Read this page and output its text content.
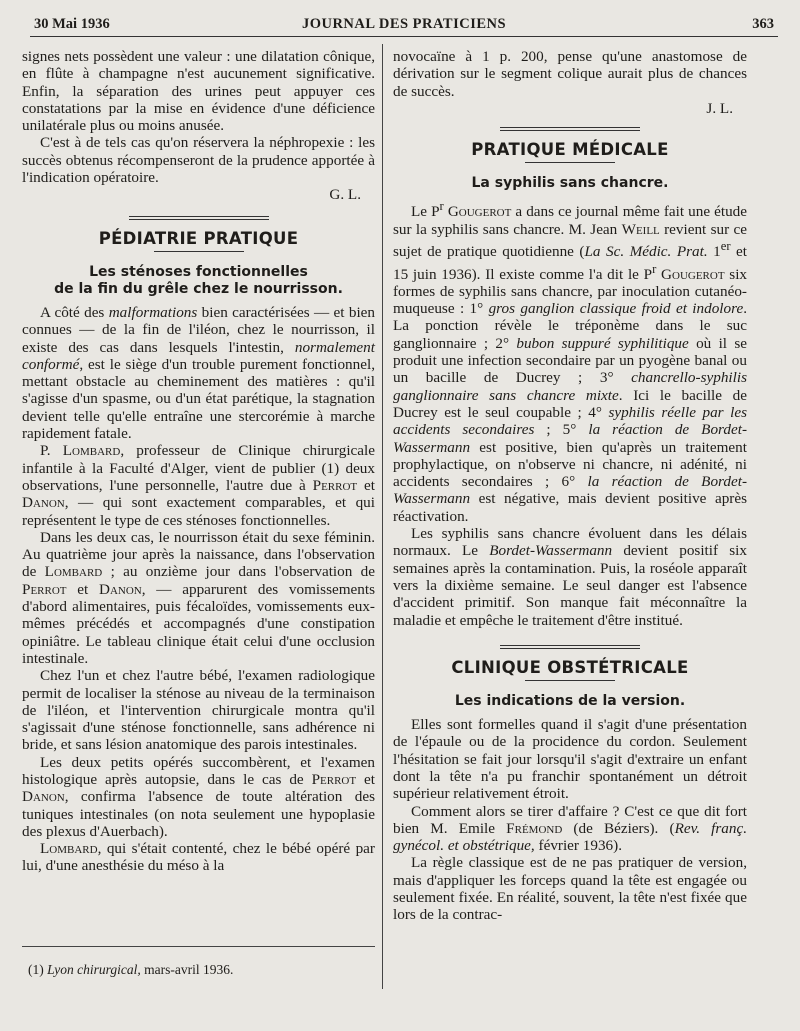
30 Mai 1936	JOURNAL DES PRATICIENS	363

signes nets possèdent une valeur : une dilatation cônique, en flûte à champagne n'est aucunement significative. Enfin, la séparation des urines peut appuyer ces constatations par la mise en évidence d'une déficience unilatérale plus ou moins anusée.

C'est à de tels cas qu'on réservera la néphropexie : les succès obtenus récompenseront de la prudence apportée à l'indication opératoire.

G. L.

PÉDIATRIE PRATIQUE
Les sténoses fonctionnelles
de la fin du grêle chez le nourrisson.

A côté des malformations bien caractérisées — et bien connues — de la fin de l'iléon, chez le nourrisson, il existe des cas dans lesquels l'intestin, normalement conformé, est le siège d'un trouble purement fonctionnel, mettant obstacle au cheminement des matières : qu'il s'agisse d'un spasme, ou d'un état parétique, la stagnation devient telle qu'elle entraîne une stercorémie à marche rapidement fatale.

P. Lombard, professeur de Clinique chirurgicale infantile à la Faculté d'Alger, vient de publier (1) deux observations, l'une personnelle, l'autre due à Perrot et Danon, — qui sont exactement comparables, et qui représentent le type de ces sténoses fonctionnelles.

Dans les deux cas, le nourrisson était du sexe féminin. Au quatrième jour après la naissance, dans l'observation de Lombard ; au onzième jour dans l'observation de Perrot et Danon, — apparurent des vomissements d'abord alimentaires, puis fécaloïdes, vomissements eux-mêmes précédés et accompagnés d'une constipation opiniâtre. Le tableau clinique était celui d'une occlusion intestinale.

Chez l'un et chez l'autre bébé, l'examen radiologique permit de localiser la sténose au niveau de la terminaison de l'iléon, et l'intervention chirurgicale montra qu'il s'agissait d'une sténose fonctionnelle, sans adhérence ni bride, et sans lésion anatomique des parois intestinales.

Les deux petits opérés succombèrent, et l'examen histologique après autopsie, dans le cas de Perrot et Danon, confirma l'absence de toute altération des tuniques intestinales (on nota seulement une hypoplasie des plexus d'Auerbach).

Lombard, qui s'était contenté, chez le bébé opéré par lui, d'une anesthésie du méso à la

(1) Lyon chirurgical, mars-avril 1936.

novocaïne à 1 p. 200, pense qu'une anastomose de dérivation sur le segment colique aurait plus de chances de succès.

J. L.

PRATIQUE MÉDICALE
La syphilis sans chancre.

Le $P^r$ Gougerot a dans ce journal même fait une étude sur la syphilis sans chancre. M. Jean Weill revient sur ce sujet de pratique quotidienne (La Sc. Médic. Prat. 1er et 15 juin 1936). Il existe comme l'a dit le $P^r$ Gougerot six formes de syphilis sans chancre, par inoculation cutanéo-muqueuse : 1° gros ganglion classique froid et indolore. La ponction révèle le tréponème dans le suc ganglionnaire ; 2° bubon suppuré syphilitique où il se produit une infection secondaire par un pyogène banal ou un bacille de Ducrey ; 3° chancrello-syphilis ganglionnaire sans chancre mixte. Ici le bacille de Ducrey est le seul coupable ; 4° syphilis réelle par les accidents secondaires ; 5° la réaction de Bordet-Wassermann est positive, bien qu'après un traitement prophylactique, on n'observe ni chancre, ni adénité, ni accidents secondaires ; 6° la réaction de Bordet-Wassermann est négative, mais devient positive après réactivation.

Les syphilis sans chancre évoluent dans les délais normaux. Le Bordet-Wassermann devient positif six semaines après la contamination. Puis, la roséole apparaît vers la dixième semaine. Le seul danger est l'absence d'accident primitif. Son manque fait méconnaître la maladie et empêche le traitement d'être institué.

CLINIQUE OBSTÉTRICALE
Les indications de la version.

Elles sont formelles quand il s'agit d'une présentation de l'épaule ou de la procidence du cordon. Seulement l'hésitation se fait jour lorsqu'il s'agit d'extraire un enfant dont la tête n'a pu franchir spontanément un détroit supérieur relativement étroit.

Comment alors se tirer d'affaire ? C'est ce que dit fort bien M. Emile Frémond (de Béziers). (Rev. franç. gynécol. et obstétrique, février 1936).

La règle classique est de ne pas pratiquer de version, mais d'appliquer les forceps quand la tête est engagée ou seulement fixée. En réalité, souvent, la tête n'est fixée que lors de la contrac-
